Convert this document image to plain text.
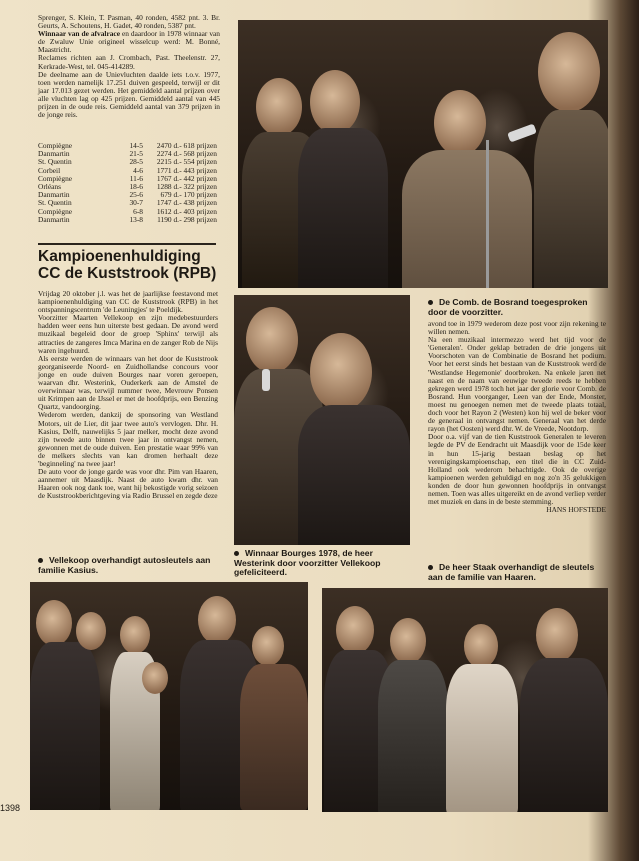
Sprenger, S. Klein, T. Pasman, 40 ronden, 4582 pnt. 3. Br. Geurts, A. Schoutens, H. Gadet, 40 ronden, 5387 pnt.

Winnaar van de afvalrace en daardoor in 1978 winnaar van de Zwaluw Unie origineel wisselcup werd: M. Bonné, Maastricht.

Reclames richten aan J. Crombach, Past. Theelenstr. 27, Kerkrade-West, tel. 045-414289.

De deelname aan de Unievluchten daalde iets t.o.v. 1977, toen werden namelijk 17.251 duiven gespeeld, terwijl er dit jaar 17.013 gezet werden. Het gemiddeld aantal prijzen over alle vluchten lag op 425 prijzen. Gemiddeld aantal van 445 prijzen in de oude reis. Gemiddeld aantal van 379 prijzen in de jonge reis.

Compiègne	14-5	2470 d. - 618 prijzen
Danmartin	21-5	2274 d. - 568 prijzen
St. Quentin	28-5	2215 d. - 554 prijzen
Corbeil	4-6	1771 d. - 443 prijzen
Compiègne	11-6	1767 d. - 442 prijzen
Orléans	18-6	1288 d. - 322 prijzen
Danmartin	25-6	679 d. - 170 prijzen
St. Quentin	30-7	1747 d. - 438 prijzen
Compiègne	6-8	1612 d. - 403 prijzen
Danmartin	13-8	1190 d. - 298 prijzen
Kampioenenhuldiging
CC de Kuststrook (RPB)

Vrijdag 20 oktober j.l. was het de jaarlijkse feestavond met kampioenenhuldiging van CC de Kuststrook (RPB) in het ontspanningscentrum 'de Leuningjes' te Poeldijk.

Voorzitter Maarten Vellekoop en zijn medebestuurders hadden weer eens hun uiterste best gedaan. De avond werd muzikaal begeleid door de groep 'Sphinx' terwijl als attracties de zangeres Imca Marina en de zanger Rob de Nijs waren ingehuurd.

Als eerste werden de winnaars van het door de Kuststrook georganiseerde Noord- en Zuidhollandse concours voor jonge en oude duiven Bourges naar voren geroepen, waarvan dhr. Westerink, Ouderkerk aan de Amstel de overwinnaar was, terwijl nummer twee, Mevrouw Ponsen uit Krimpen aan de IJssel er met de hoofdprijs, een Benzing Quartz, vandoorging.

Wederom werden, dankzij de sponsoring van Westland Motors, uit de Lier, dit jaar twee auto's vervlogen. Dhr. H. Kasius, Delft, nauwelijks 5 jaar melker, mocht deze avond zijn tweede auto binnen twee jaar in ontvangst nemen, gewonnen met de oude duiven. Een prestatie waar 99% van de melkers slechts van kan dromen herhaalt deze 'beginneling' na twee jaar!

De auto voor de jonge garde was voor dhr. Pim van Haaren, aannemer uit Maasdijk. Naast de auto kwam dhr. van Haaren ook nog dank toe, want hij bekostigde vorig seizoen de Kuststrookberichtgeving via Radio Brussel en zegde deze

Vellekoop overhandigt autosleutels aan familie Kasius.
De Comb. de Bosrand toegesproken door de voorzitter.
Winnaar Bourges 1978, de heer Westerink door voorzitter Vellekoop gefeliciteerd.

avond toe in 1979 wederom deze post voor zijn rekening te willen nemen.

Na een muzikaal intermezzo werd het tijd voor de 'Generalen'. Onder geklap betraden de drie jongens uit Voorschoten van de Combinatie de Bosrand het podium. Voor het eerst sinds het bestaan van de Kuststrook werd de 'Westlandse Hegemonie' doorbroken. Na enkele jaren net naast en de naam van eeuwige tweede reeds te hebben gekregen werd 1978 toch het jaar der glorie voor Comb. de Bosrand. Hun voorganger, Leen van der Ende, Monster, moest nu genoegen nemen met de tweede plaats totaal, doch voor het Rayon 2 (Westen) kon hij wel de beker voor de generaal in ontvangst nemen. Generaal van het derde rayon (het Oosten) werd dhr. W. de Vreede, Nootdorp.

Door o.a. vijf van de tien Kuststrook Generalen te leveren legde de PV de Eendracht uit Maasdijk voor de 15de keer in hun 15-jarig bestaan beslag op het verenigingskampioenschap, een titel die in CC Zuid-Holland ook wederom behachtigde. Ook de overige kampioenen werden gehuldigd en nog zo'n 35 gelukkigen konden de door hun gewonnen hoofdprijs in ontvangst nemen. Toen was alles uitgereikt en de avond verliep verder met muziek en dans in de beste stemming.

HANS HOFSTEDE
De heer Staak overhandigt de sleutels aan de familie van Haaren.
1398
